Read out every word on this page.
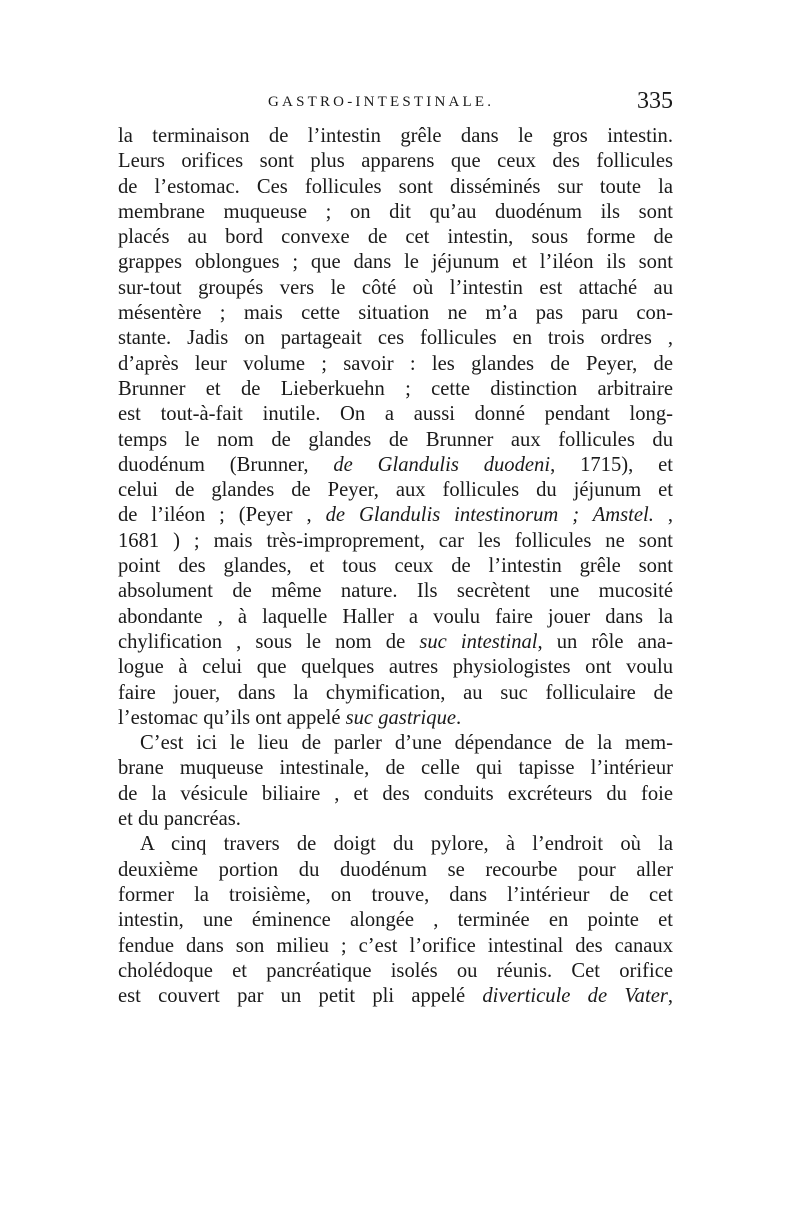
GASTRO-INTESTINALE.	335
la terminaison de l’intestin grêle dans le gros intestin.
Leurs orifices sont plus apparens que ceux des follicules
de l’estomac. Ces follicules sont disséminés sur toute la
membrane muqueuse ; on dit qu’au duodénum ils sont
placés au bord convexe de cet intestin, sous forme de
grappes oblongues ; que dans le jéjunum et l’iléon ils sont
sur-tout groupés vers le côté où l’intestin est attaché au
mésentère ; mais cette situation ne m’a pas paru con-
stante. Jadis on partageait ces follicules en trois ordres ,
d’après leur volume ; savoir : les glandes de Peyer, de
Brunner et de Lieberkuehn ; cette distinction arbitraire
est tout-à-fait inutile. On a aussi donné pendant long-
temps le nom de glandes de Brunner aux follicules du
duodénum (Brunner, de Glandulis duodeni, 1715), et
celui de glandes de Peyer, aux follicules du jéjunum et
de l’iléon ; (Peyer , de Glandulis intestinorum ; Amstel. ,
1681 ) ; mais très-improprement, car les follicules ne sont
point des glandes, et tous ceux de l’intestin grêle sont
absolument de même nature. Ils secrètent une mucosité
abondante , à laquelle Haller a voulu faire jouer dans la
chylification , sous le nom de suc intestinal, un rôle ana-
logue à celui que quelques autres physiologistes ont voulu
faire jouer, dans la chymification, au suc folliculaire de
l’estomac qu’ils ont appelé suc gastrique.
C’est ici le lieu de parler d’une dépendance de la mem-
brane muqueuse intestinale, de celle qui tapisse l’intérieur
de la vésicule biliaire , et des conduits excréteurs du foie
et du pancréas.
A cinq travers de doigt du pylore, à l’endroit où la
deuxième portion du duodénum se recourbe pour aller
former la troisième, on trouve, dans l’intérieur de cet
intestin, une éminence alongée , terminée en pointe et
fendue dans son milieu ; c’est l’orifice intestinal des canaux
cholédoque et pancréatique isolés ou réunis. Cet orifice
est couvert par un petit pli appelé diverticule de Vater,
